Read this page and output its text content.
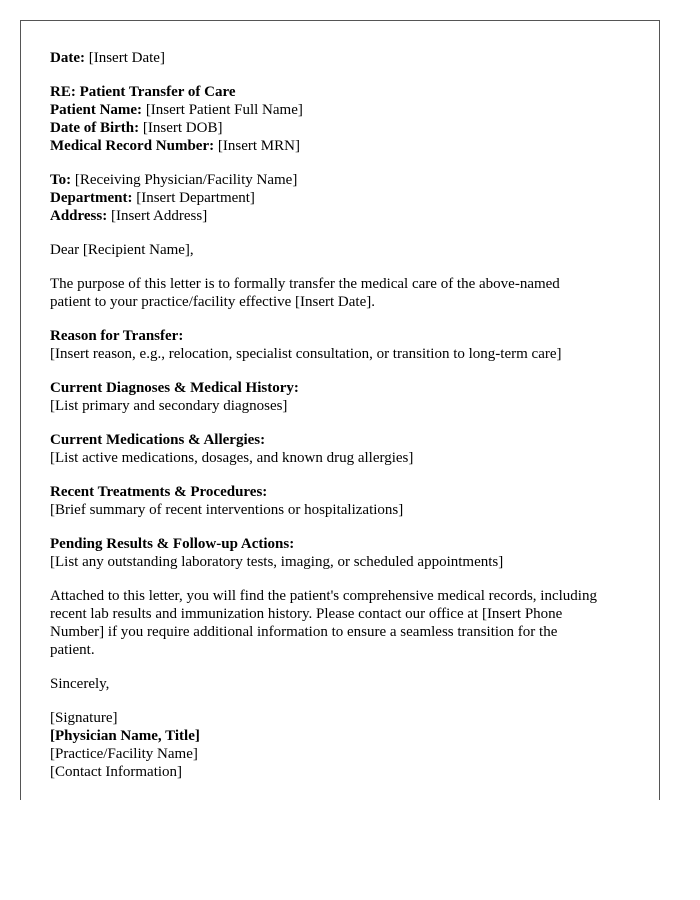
Date: [Insert Date]
RE: Patient Transfer of Care
Patient Name: [Insert Patient Full Name]
Date of Birth: [Insert DOB]
Medical Record Number: [Insert MRN]
To: [Receiving Physician/Facility Name]
Department: [Insert Department]
Address: [Insert Address]
Dear [Recipient Name],
The purpose of this letter is to formally transfer the medical care of the above-named
patient to your practice/facility effective [Insert Date].
Reason for Transfer:
[Insert reason, e.g., relocation, specialist consultation, or transition to long-term care]
Current Diagnoses & Medical History:
[List primary and secondary diagnoses]
Current Medications & Allergies:
[List active medications, dosages, and known drug allergies]
Recent Treatments & Procedures:
[Brief summary of recent interventions or hospitalizations]
Pending Results & Follow-up Actions:
[List any outstanding laboratory tests, imaging, or scheduled appointments]
Attached to this letter, you will find the patient's comprehensive medical records, including
recent lab results and immunization history. Please contact our office at [Insert Phone
Number] if you require additional information to ensure a seamless transition for the
patient.
Sincerely,
[Signature]
[Physician Name, Title]
[Practice/Facility Name]
[Contact Information]
